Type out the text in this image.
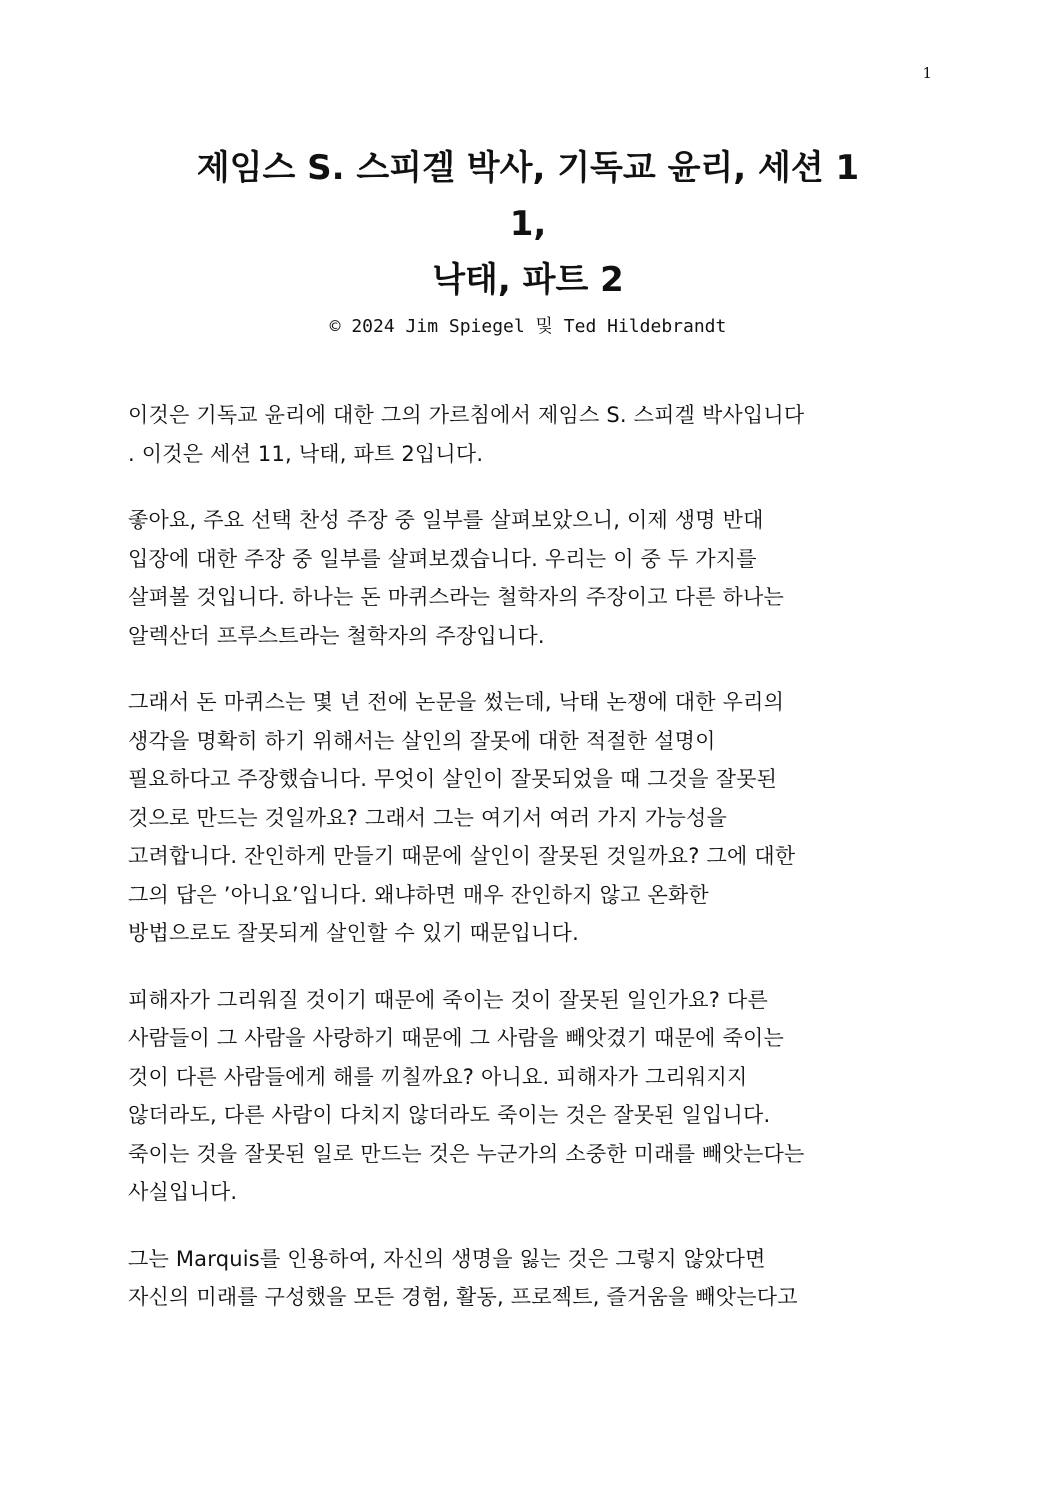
1
제임스 S. 스피겔 박사, 기독교 윤리, 세션 1
1,
낙태, 파트 2
© 2024 Jim Spiegel 및 Ted Hildebrandt

이것은 기독교 윤리에 대한 그의 가르침에서 제임스 S. 스피겔 박사입니다
. 이것은 세션 11, 낙태, 파트 2입니다.

좋아요, 주요 선택 찬성 주장 중 일부를 살펴보았으니, 이제 생명 반대
입장에 대한 주장 중 일부를 살펴보겠습니다. 우리는 이 중 두 가지를
살펴볼 것입니다. 하나는 돈 마퀴스라는 철학자의 주장이고 다른 하나는
알렉산더 프루스트라는 철학자의 주장입니다.

그래서 돈 마퀴스는 몇 년 전에 논문을 썼는데, 낙태 논쟁에 대한 우리의
생각을 명확히 하기 위해서는 살인의 잘못에 대한 적절한 설명이
필요하다고 주장했습니다. 무엇이 살인이 잘못되었을 때 그것을 잘못된
것으로 만드는 것일까요? 그래서 그는 여기서 여러 가지 가능성을
고려합니다. 잔인하게 만들기 때문에 살인이 잘못된 것일까요? 그에 대한
그의 답은 ’아니요’입니다. 왜냐하면 매우 잔인하지 않고 온화한
방법으로도 잘못되게 살인할 수 있기 때문입니다.

피해자가 그리워질 것이기 때문에 죽이는 것이 잘못된 일인가요? 다른
사람들이 그 사람을 사랑하기 때문에 그 사람을 빼앗겼기 때문에 죽이는
것이 다른 사람들에게 해를 끼칠까요? 아니요. 피해자가 그리워지지
않더라도, 다른 사람이 다치지 않더라도 죽이는 것은 잘못된 일입니다.
죽이는 것을 잘못된 일로 만드는 것은 누군가의 소중한 미래를 빼앗는다는
사실입니다.

그는 Marquis를 인용하여, 자신의 생명을 잃는 것은 그렇지 않았다면
자신의 미래를 구성했을 모든 경험, 활동, 프로젝트, 즐거움을 빼앗는다고
